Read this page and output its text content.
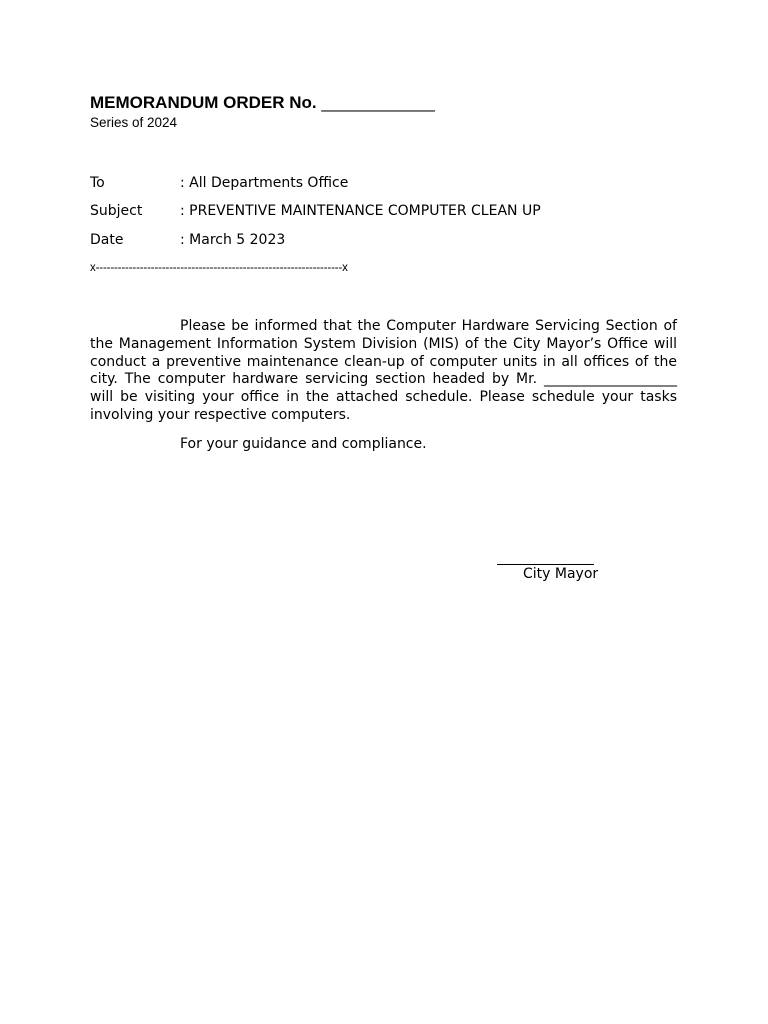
MEMORANDUM ORDER No. ____________
Series of 2024
To	: All Departments Office
Subject	: PREVENTIVE MAINTENANCE COMPUTER CLEAN UP
Date	: March 5 2023
x-------------------------------------------------------------------x

Please be informed that the Computer Hardware Servicing Section of the Management Information System Division (MIS) of the City Mayor’s Office will conduct a preventive maintenance clean-up of computer units in all offices of the city. The computer hardware servicing section headed by Mr. ___________________ will be visiting your office in the attached schedule. Please schedule your tasks involving your respective computers.

For your guidance and compliance.
City Mayor
